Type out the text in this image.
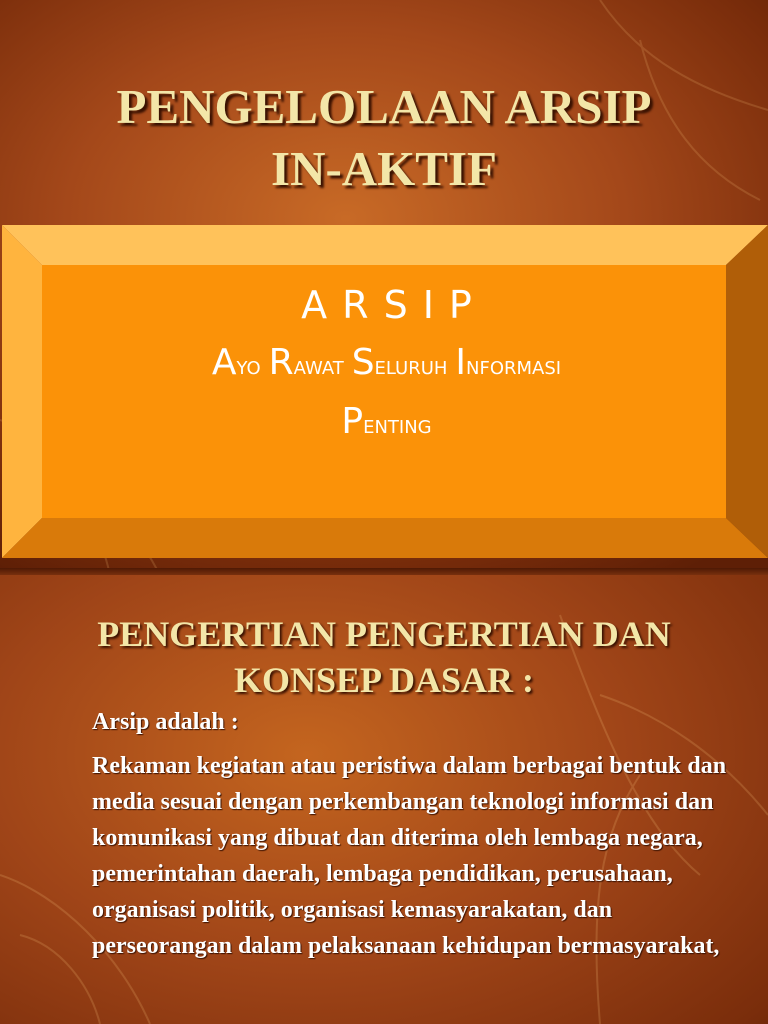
PENGELOLAAN ARSIP
IN-AKTIF
ARSIP
Ayo Rawat Seluruh Informasi
Penting
PENGERTIAN PENGERTIAN DAN KONSEP DASAR :

Arsip adalah :

Rekaman kegiatan atau peristiwa dalam berbagai bentuk dan media sesuai dengan perkembangan teknologi informasi dan komunikasi yang dibuat dan diterima oleh lembaga negara, pemerintahan daerah, lembaga pendidikan, perusahaan, organisasi politik, organisasi kemasyarakatan, dan perseorangan dalam pelaksanaan kehidupan bermasyarakat,
